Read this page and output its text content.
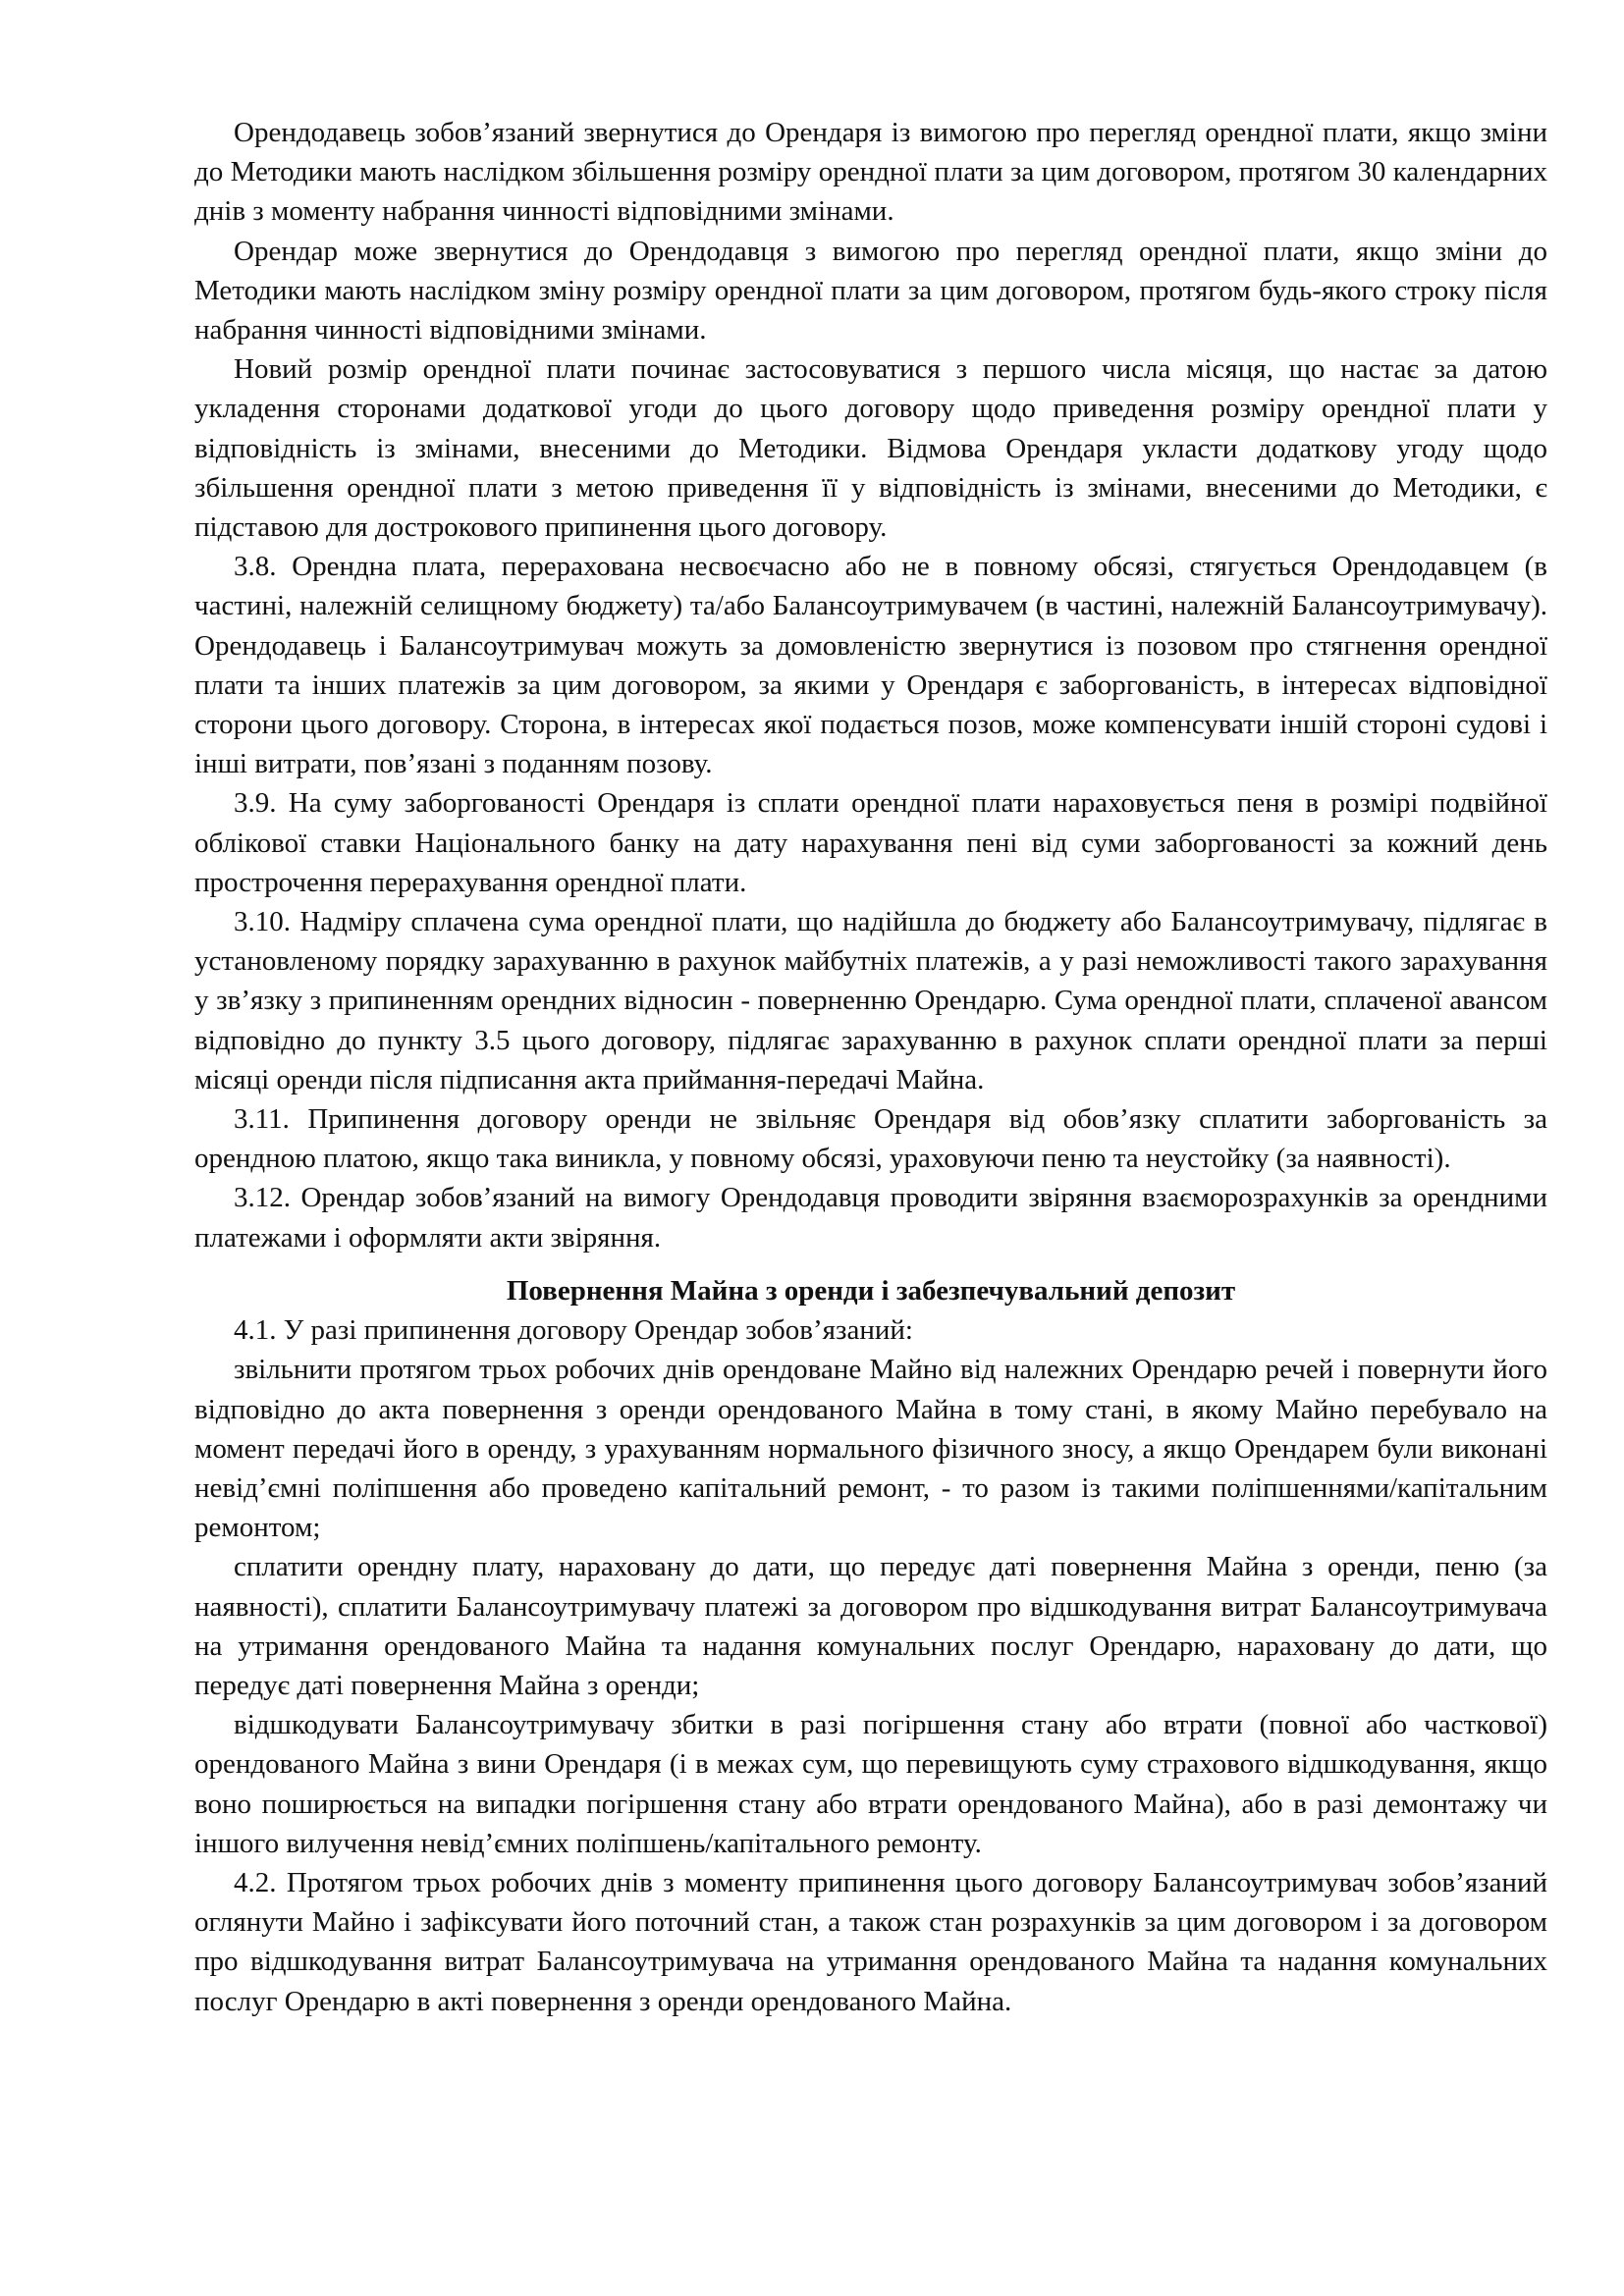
Орендодавець зобов’язаний звернутися до Орендаря із вимогою про перегляд орендної плати, якщо зміни до Методики мають наслідком збільшення розміру орендної плати за цим договором, протягом 30 календарних днів з моменту набрання чинності відповідними змінами.

Орендар може звернутися до Орендодавця з вимогою про перегляд орендної плати, якщо зміни до Методики мають наслідком зміну розміру орендної плати за цим договором, протягом будь-якого строку після набрання чинності відповідними змінами.

Новий розмір орендної плати починає застосовуватися з першого числа місяця, що настає за датою укладення сторонами додаткової угоди до цього договору щодо приведення розміру орендної плати у відповідність із змінами, внесеними до Методики. Відмова Орендаря укласти додаткову угоду щодо збільшення орендної плати з метою приведення її у відповідність із змінами, внесеними до Методики, є підставою для дострокового припинення цього договору.

3.8. Орендна плата, перерахована несвоєчасно або не в повному обсязі, стягується Орендодавцем (в частині, належній селищному бюджету) та/або Балансоутримувачем (в частині, належній Балансоутримувачу). Орендодавець і Балансоутримувач можуть за домовленістю звернутися із позовом про стягнення орендної плати та інших платежів за цим договором, за якими у Орендаря є заборгованість, в інтересах відповідної сторони цього договору. Сторона, в інтересах якої подається позов, може компенсувати іншій стороні судові і інші витрати, пов’язані з поданням позову.

3.9. На суму заборгованості Орендаря із сплати орендної плати нараховується пеня в розмірі подвійної облікової ставки Національного банку на дату нарахування пені від суми заборгованості за кожний день прострочення перерахування орендної плати.

3.10. Надміру сплачена сума орендної плати, що надійшла до бюджету або Балансоутримувачу, підлягає в установленому порядку зарахуванню в рахунок майбутніх платежів, а у разі неможливості такого зарахування у зв’язку з припиненням орендних відносин - поверненню Орендарю. Сума орендної плати, сплаченої авансом відповідно до пункту 3.5 цього договору, підлягає зарахуванню в рахунок сплати орендної плати за перші місяці оренди після підписання акта приймання-передачі Майна.

3.11. Припинення договору оренди не звільняє Орендаря від обов’язку сплатити заборгованість за орендною платою, якщо така виникла, у повному обсязі, ураховуючи пеню та неустойку (за наявності).

3.12. Орендар зобов’язаний на вимогу Орендодавця проводити звіряння взаєморозрахунків за орендними платежами і оформляти акти звіряння.

Повернення Майна з оренди і забезпечувальний депозит

4.1. У разі припинення договору Орендар зобов’язаний:

звільнити протягом трьох робочих днів орендоване Майно від належних Орендарю речей і повернути його відповідно до акта повернення з оренди орендованого Майна в тому стані, в якому Майно перебувало на момент передачі його в оренду, з урахуванням нормального фізичного зносу, а якщо Орендарем були виконані невід’ємні поліпшення або проведено капітальний ремонт, - то разом із такими поліпшеннями/капітальним ремонтом;

сплатити орендну плату, нараховану до дати, що передує даті повернення Майна з оренди, пеню (за наявності), сплатити Балансоутримувачу платежі за договором про відшкодування витрат Балансоутримувача на утримання орендованого Майна та надання комунальних послуг Орендарю, нараховану до дати, що передує даті повернення Майна з оренди;

відшкодувати Балансоутримувачу збитки в разі погіршення стану або втрати (повної або часткової) орендованого Майна з вини Орендаря (і в межах сум, що перевищують суму страхового відшкодування, якщо воно поширюється на випадки погіршення стану або втрати орендованого Майна), або в разі демонтажу чи іншого вилучення невід’ємних поліпшень/капітального ремонту.

4.2. Протягом трьох робочих днів з моменту припинення цього договору Балансоутримувач зобов’язаний оглянути Майно і зафіксувати його поточний стан, а також стан розрахунків за цим договором і за договором про відшкодування витрат Балансоутримувача на утримання орендованого Майна та надання комунальних послуг Орендарю в акті повернення з оренди орендованого Майна.
